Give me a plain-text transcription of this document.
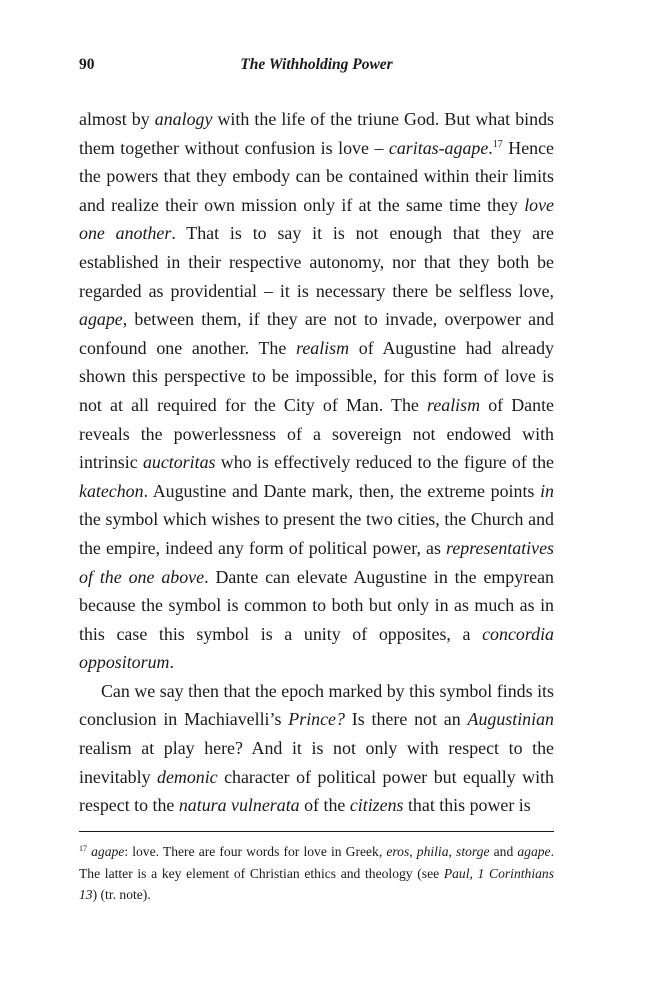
90	The Withholding Power

almost by analogy with the life of the triune God. But what binds them together without confusion is love – caritas-agape.$^{17}$ Hence the powers that they embody can be contained within their limits and realize their own mission only if at the same time they love one another. That is to say it is not enough that they are established in their respective autonomy, nor that they both be regarded as providential – it is necessary there be selfless love, agape, between them, if they are not to invade, overpower and confound one another. The realism of Augustine had already shown this perspective to be impossible, for this form of love is not at all required for the City of Man. The realism of Dante reveals the powerlessness of a sovereign not endowed with intrinsic auctoritas who is effectively reduced to the figure of the katechon. Augustine and Dante mark, then, the extreme points in the symbol which wishes to present the two cities, the Church and the empire, indeed any form of political power, as representatives of the one above. Dante can elevate Augustine in the empyrean because the symbol is common to both but only in as much as in this case this symbol is a unity of opposites, a concordia oppositorum.

Can we say then that the epoch marked by this symbol finds its conclusion in Machiavelli’s Prince? Is there not an Augustinian realism at play here? And it is not only with respect to the inevitably demonic character of political power but equally with respect to the natura vulnerata of the citizens that this power is

$^{17}$ agape: love. There are four words for love in Greek, eros, philia, storge and agape. The latter is a key element of Christian ethics and theology (see Paul, 1 Corinthians 13) (tr. note).
